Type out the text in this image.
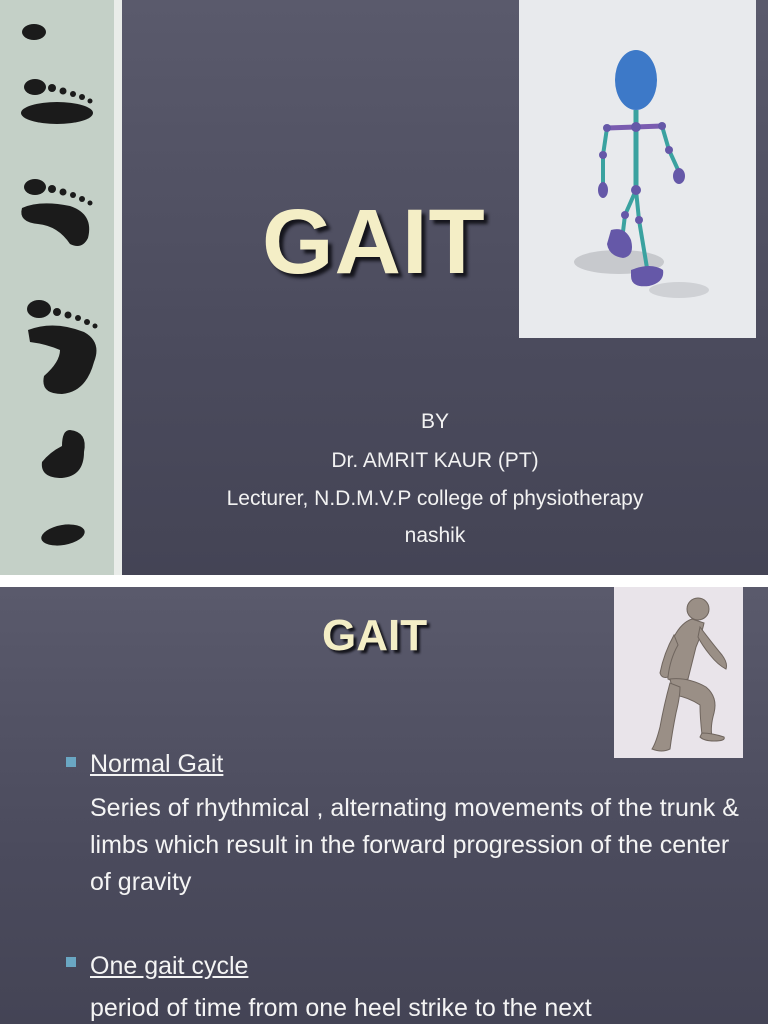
GAIT
BY
Dr. AMRIT KAUR (PT)
Lecturer, N.D.M.V.P college of physiotherapy
nashik
GAIT
Normal Gait
Series of rhythmical , alternating movements of the trunk & limbs which result in the forward progression of the center of gravity
One gait cycle
period of time from one heel strike to the next
